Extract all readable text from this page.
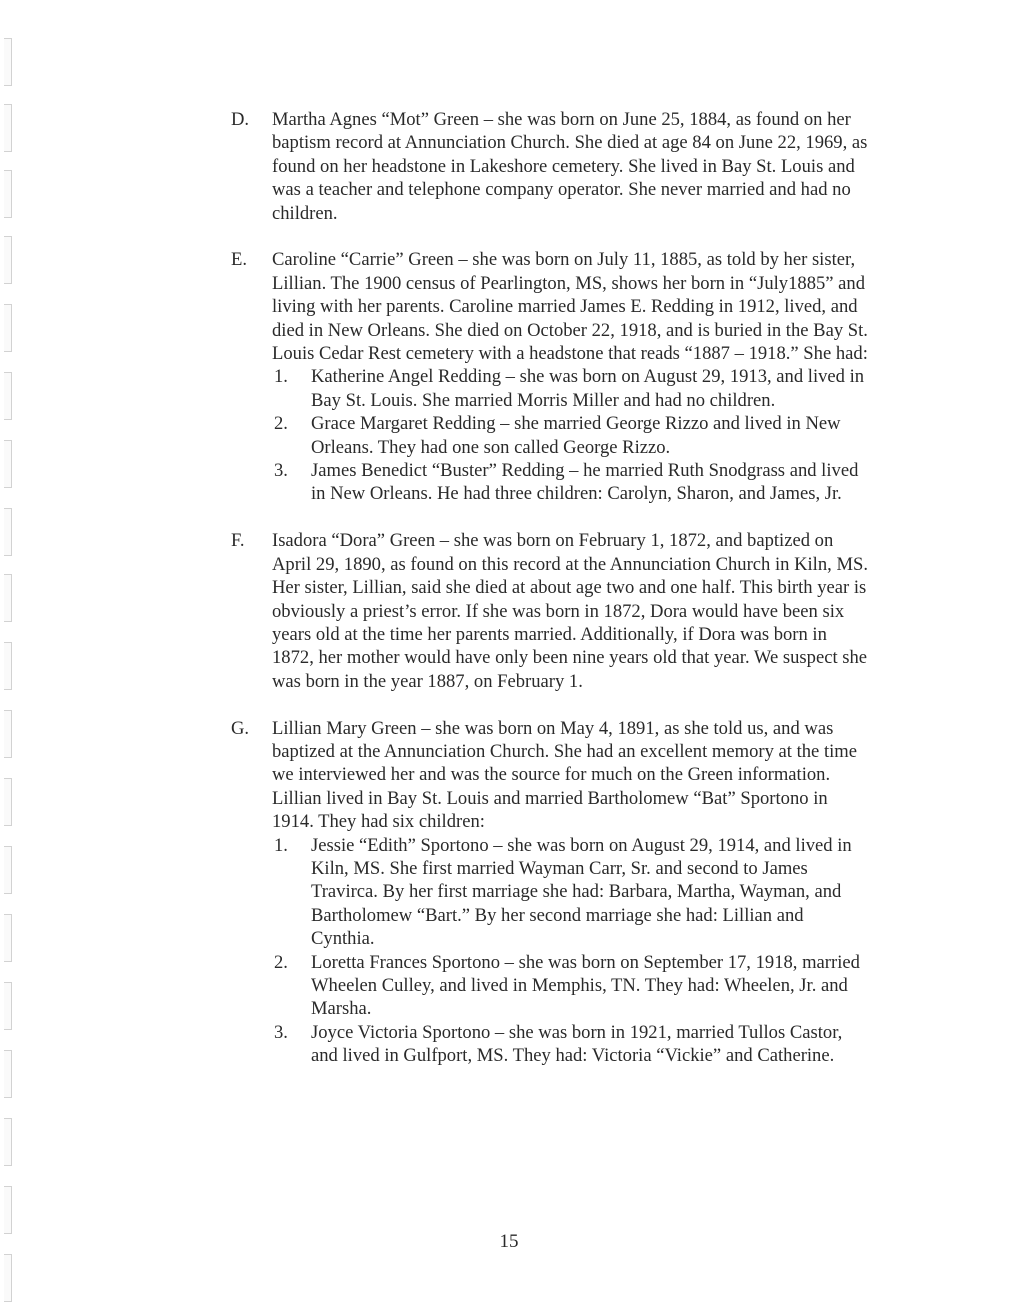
D. Martha Agnes “Mot” Green – she was born on June 25, 1884, as found on her baptism record at Annunciation Church. She died at age 84 on June 22, 1969, as found on her headstone in Lakeshore cemetery. She lived in Bay St. Louis and was a teacher and telephone company operator. She never married and had no children.
E. Caroline “Carrie” Green – she was born on July 11, 1885, as told by her sister, Lillian. The 1900 census of Pearlington, MS, shows her born in “July1885” and living with her parents. Caroline married James E. Redding in 1912, lived, and died in New Orleans. She died on October 22, 1918, and is buried in the Bay St. Louis Cedar Rest cemetery with a headstone that reads “1887 – 1918.” She had:
1. Katherine Angel Redding – she was born on August 29, 1913, and lived in Bay St. Louis. She married Morris Miller and had no children.
2. Grace Margaret Redding – she married George Rizzo and lived in New Orleans. They had one son called George Rizzo.
3. James Benedict “Buster” Redding – he married Ruth Snodgrass and lived in New Orleans. He had three children: Carolyn, Sharon, and James, Jr.
F. Isadora “Dora” Green – she was born on February 1, 1872, and baptized on April 29, 1890, as found on this record at the Annunciation Church in Kiln, MS. Her sister, Lillian, said she died at about age two and one half. This birth year is obviously a priest’s error. If she was born in 1872, Dora would have been six years old at the time her parents married. Additionally, if Dora was born in 1872, her mother would have only been nine years old that year. We suspect she was born in the year 1887, on February 1.
G. Lillian Mary Green – she was born on May 4, 1891, as she told us, and was baptized at the Annunciation Church. She had an excellent memory at the time we interviewed her and was the source for much on the Green information. Lillian lived in Bay St. Louis and married Bartholomew “Bat” Sportono in 1914. They had six children:
1. Jessie “Edith” Sportono – she was born on August 29, 1914, and lived in Kiln, MS. She first married Wayman Carr, Sr. and second to James Travirca. By her first marriage she had: Barbara, Martha, Wayman, and Bartholomew “Bart.” By her second marriage she had: Lillian and Cynthia.
2. Loretta Frances Sportono – she was born on September 17, 1918, married Wheelen Culley, and lived in Memphis, TN. They had: Wheelen, Jr. and Marsha.
3. Joyce Victoria Sportono – she was born in 1921, married Tullos Castor, and lived in Gulfport, MS. They had: Victoria “Vickie” and Catherine.
15
